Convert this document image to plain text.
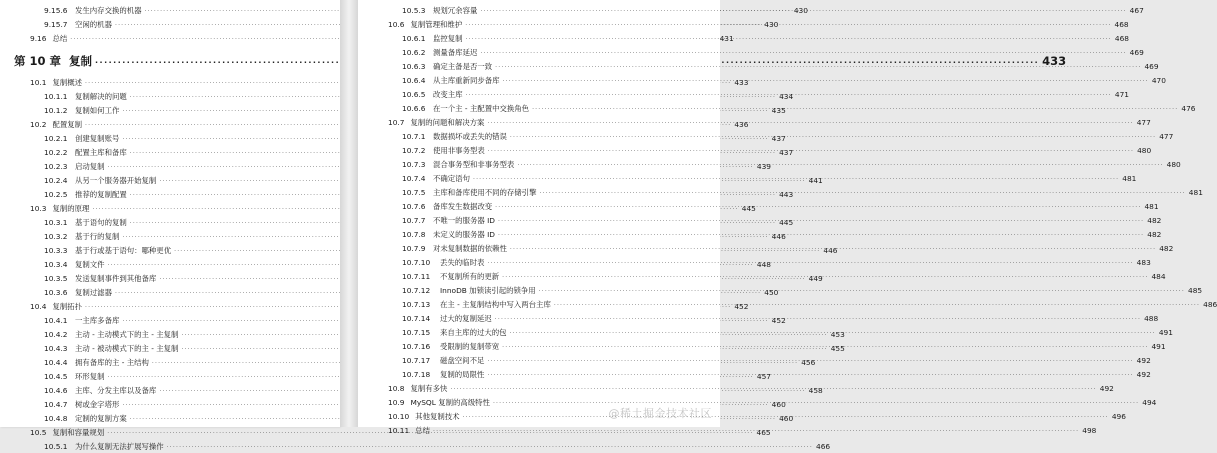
9.15.6 发生内存交换的机器 .....	430
9.15.7 空闲的机器 .....	430
9.16 总结 .....	431
第 10 章 复制 .....	433
10.1 复制概述 .....	433
10.1.1 复制解决的问题 .....	434
10.1.2 复制如何工作 .....	435
10.2 配置复制 .....	436
10.2.1 创建复制账号 .....	437
10.2.2 配置主库和备库 .....	437
10.2.3 启动复制 .....	439
10.2.4 从另一个服务器开始复制 .....	441
10.2.5 推荐的复制配置 .....	443
10.3 复制的原理 .....	445
10.3.1 基于语句的复制 .....	445
10.3.2 基于行的复制 .....	446
10.3.3 基于行或基于语句：哪种更优 .....	446
10.3.4 复制文件 .....	448
10.3.5 发送复制事件到其他备库 .....	449
10.3.6 复制过滤器 .....	450
10.4 复制拓扑 .....	452
10.4.1 一主库多备库 .....	452
10.4.2 主动 - 主动模式下的主 - 主复制 .....	453
10.4.3 主动 - 被动模式下的主 - 主复制 .....	455
10.4.4 拥有备库的主 - 主结构 .....	456
10.4.5 环形复制 .....	457
10.4.6 主库、分发主库以及备库 .....	458
10.4.7 树或金字塔形 .....	460
10.4.8 定制的复制方案 .....	460
10.5 复制和容量规划 .....	465
10.5.1 为什么复制无法扩展写操作 .....	466
10.5.3 规划冗余容量 .....	467
10.6 复制管理和维护 .....	468
10.6.1 监控复制 .....	468
10.6.2 测量备库延迟 .....	469
10.6.3 确定主备是否一致 .....	469
10.6.4 从主库重新同步备库 .....	470
10.6.5 改变主库 .....	471
10.6.6 在一个主 - 主配置中交换角色 .....	476
10.7 复制的问题和解决方案 .....	477
10.7.1 数据损坏或丢失的错误 .....	477
10.7.2 使用非事务型表 .....	480
10.7.3 混合事务型和非事务型表 .....	480
10.7.4 不确定语句 .....	481
10.7.5 主库和备库使用不同的存储引擎 .....	481
10.7.6 备库发生数据改变 .....	481
10.7.7 不唯一的服务器 ID .....	482
10.7.8 未定义的服务器 ID .....	482
10.7.9 对未复制数据的依赖性 .....	482
10.7.10	丢失的临时表 .....	483
10.7.11	不复制所有的更新 .....	484
10.7.12	InnoDB 加锁读引起的锁争用 .....	485
10.7.13	在主 - 主复制结构中写入两台主库 .....	486
10.7.14	过大的复制延迟 .....	488
10.7.15	来自主库的过大的包 .....	491
10.7.16	受限制的复制带宽 .....	491
10.7.17	磁盘空间不足 .....	492
10.7.18	复制的局限性 .....	492
10.8 复制有多快 .....	492
10.9 MySQL 复制的高级特性 .....	494
10.10 其他复制技术 .....	496
10.11 总结 .....	498
@稀土掘金技术社区
